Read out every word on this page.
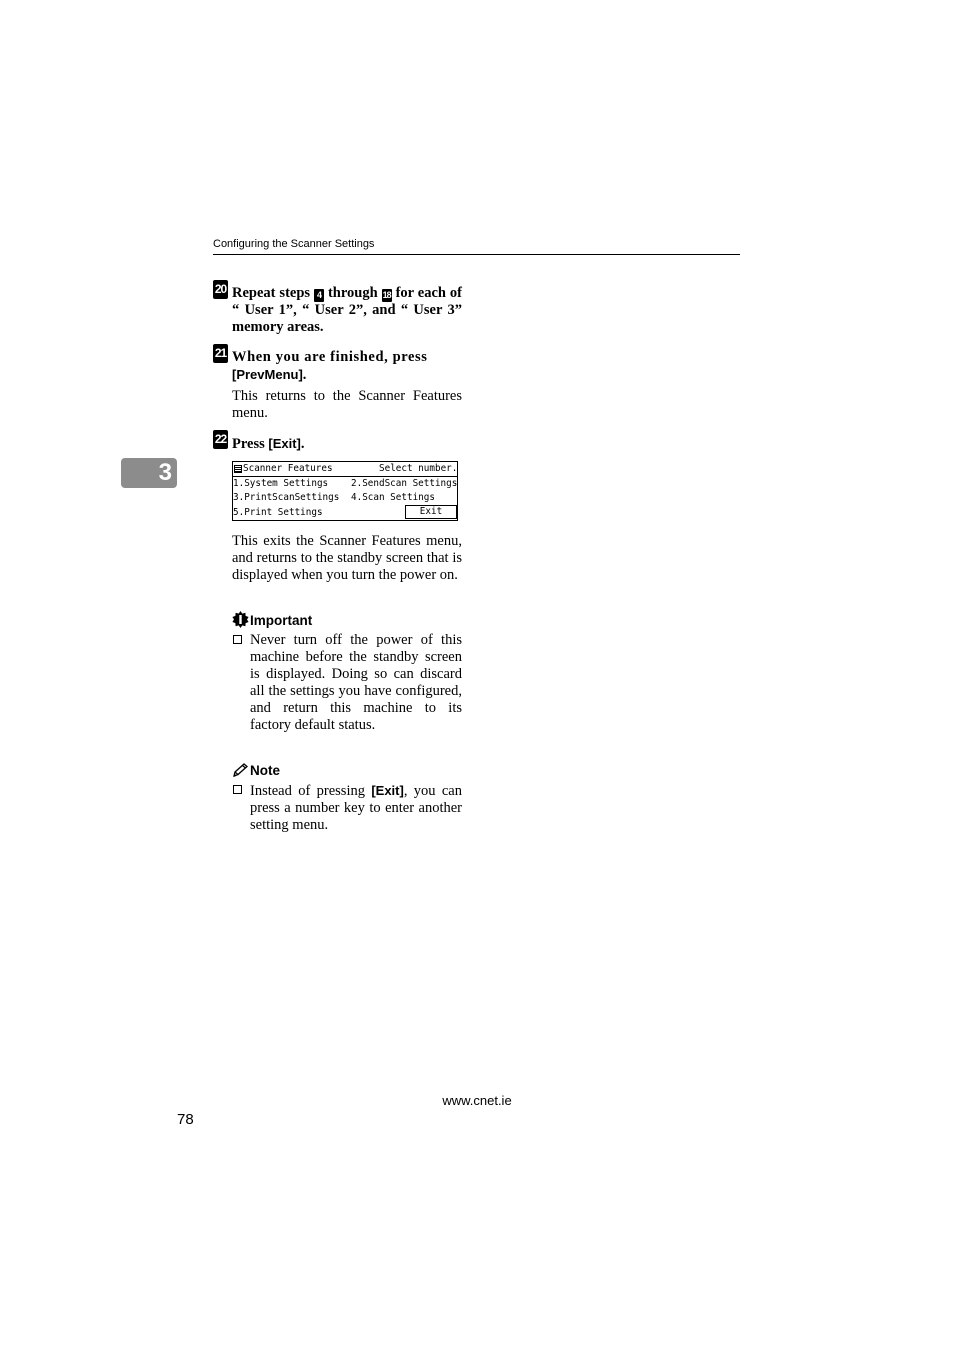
Configuring the Scanner Settings
3
20 Repeat steps 4 through 18 for each of “ User 1”, “ User 2”, and “ User 3” memory areas.
21 When you are finished, press
[PrevMenu].
This returns to the Scanner Features menu.
22 Press [Exit].
Scanner Features	Select number.
1.System Settings 2.SendScan Settings
3.PrintScanSettings 4.Scan Settings
5.Print Settings	Exit
This exits the Scanner Features menu, and returns to the standby screen that is displayed when you turn the power on.
Important
Never turn off the power of this machine before the standby screen is displayed. Doing so can discard all the settings you have configured, and return this machine to its factory default status.
Note
Instead of pressing [Exit], you can press a number key to enter another setting menu.
www.cnet.ie
78
